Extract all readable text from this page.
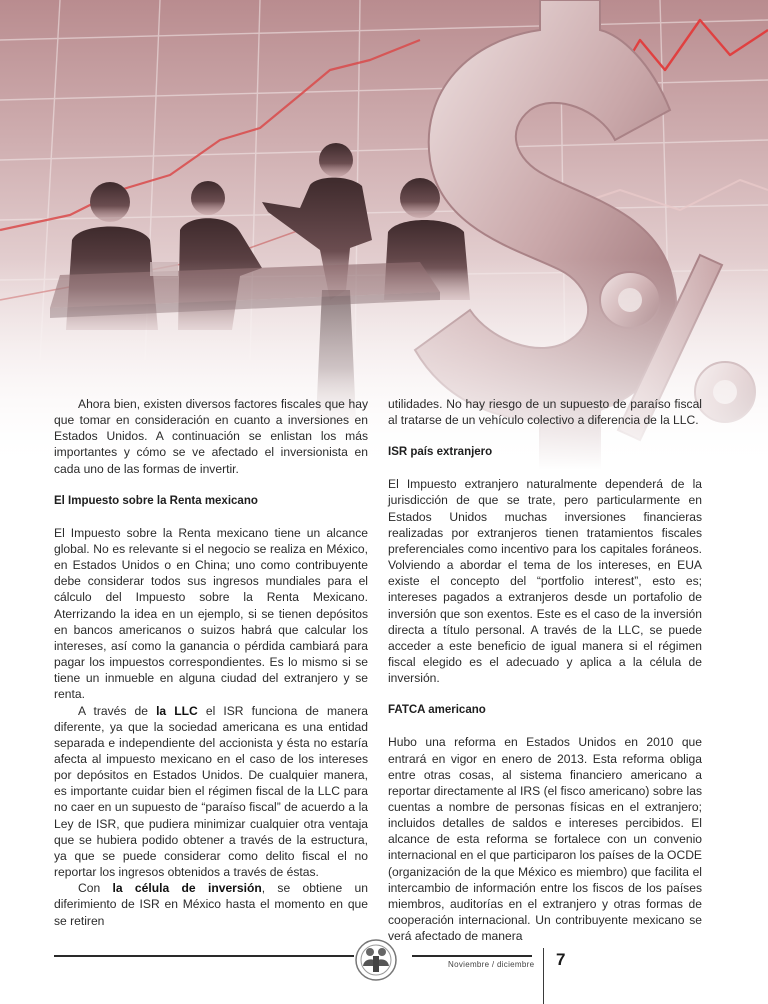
Ahora bien, existen diversos factores fiscales que hay que tomar en consideración en cuanto a inversiones en Estados Unidos. A continuación se enlistan los más importantes y cómo se ve afectado el inversionista en cada uno de las formas de invertir.

El Impuesto sobre la Renta mexicano

El Impuesto sobre la Renta mexicano tiene un alcance global. No es relevante si el negocio se realiza en México, en Estados Unidos o en China; uno como contribuyente debe considerar todos sus ingresos mundiales para el cálculo del Impuesto sobre la Renta Mexicano. Aterrizando la idea en un ejemplo, si se tienen depósitos en bancos americanos o suizos habrá que calcular los intereses, así como la ganancia o pérdida cambiará para pagar los impuestos correspondientes. Es lo mismo si se tiene un inmueble en alguna ciudad del extranjero y se renta.

A través de la LLC el ISR funciona de manera diferente, ya que la sociedad americana es una entidad separada e independiente del accionista y ésta no estaría afecta al impuesto mexicano en el caso de los intereses por depósitos en Estados Unidos. De cualquier manera, es importante cuidar bien el régimen fiscal de la LLC para no caer en un supuesto de “paraíso fiscal” de acuerdo a la Ley de ISR, que pudiera minimizar cualquier otra ventaja que se hubiera podido obtener a través de la estructura, ya que se puede considerar como delito fiscal el no reportar los ingresos obtenidos a través de éstas.

Con la célula de inversión, se obtiene un diferimiento de ISR en México hasta el momento en que se retiren

utilidades. No hay riesgo de un supuesto de paraíso fiscal al tratarse de un vehículo colectivo a diferencia de la LLC.

ISR país extranjero

El Impuesto extranjero naturalmente dependerá de la jurisdicción de que se trate, pero particularmente en Estados Unidos muchas inversiones financieras realizadas por extranjeros tienen tratamientos fiscales preferenciales como incentivo para los capitales foráneos. Volviendo a abordar el tema de los intereses, en EUA existe el concepto del “portfolio interest”, esto es; intereses pagados a extranjeros desde un portafolio de inversión que son exentos. Este es el caso de la inversión directa a título personal. A través de la LLC, se puede acceder a este beneficio de igual manera si el régimen fiscal elegido es el adecuado y aplica a la célula de inversión.

FATCA americano

Hubo una reforma en Estados Unidos en 2010 que entrará en vigor en enero de 2013. Esta reforma obliga entre otras cosas, al sistema financiero americano a reportar directamente al IRS (el fisco americano) sobre las cuentas a nombre de personas físicas en el extranjero; incluidos detalles de saldos e intereses percibidos. El alcance de esta reforma se fortalece con un convenio internacional en el que participaron los países de la OCDE (organización de la que México es miembro) que facilita el intercambio de información entre los fiscos de los países miembros, auditorías en el extranjero y otras formas de cooperación internacional. Un contribuyente mexicano se verá afectado de manera

Noviembre / diciembre 7
